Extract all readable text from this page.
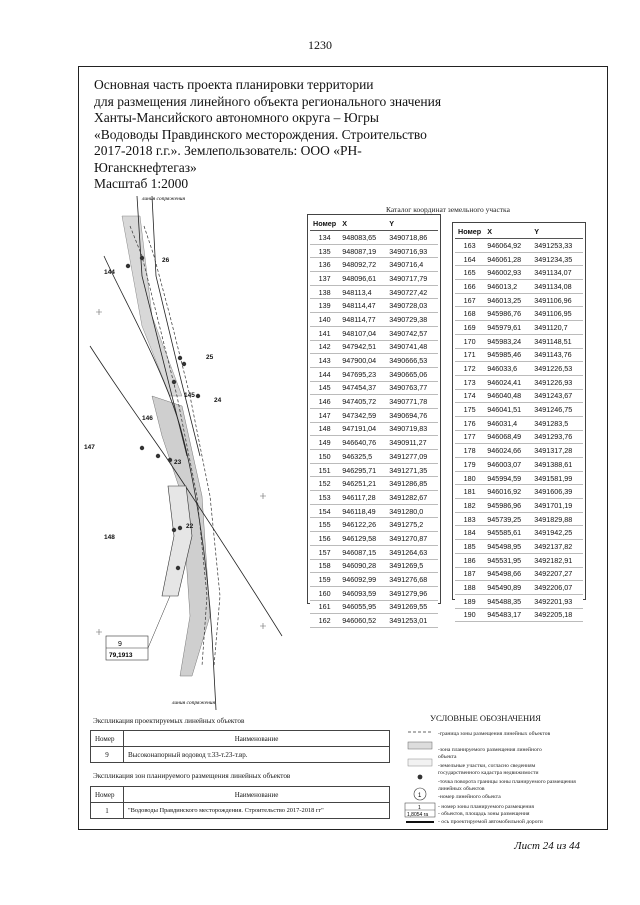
1230
Основная часть проекта планировки территории
для размещения линейного объекта регионального значения
Ханты-Мансийского автономного округа – Югры
«Водоводы Правдинского месторождения. Строительство
2017-2018 г.г.». Землепользователь: ООО «РН-
Юганскнефтегаз»
Масштаб 1:2000
9
79,1913
26
144
25
145
146
24
147
23
22
148
линия сопряжения
линия сопряжения
Каталог координат земельного участка
Номер	X	Y
134	948083,65	3490718,86
135	948087,19	3490716,93
136	948092,72	3490716,4
137	948096,61	3490717,79
138	948113,4	3490727,42
139	948114,47	3490728,03
140	948114,77	3490729,38
141	948107,04	3490742,57
142	947942,51	3490741,48
143	947900,04	3490666,53
144	947695,23	3490665,06
145	947454,37	3490763,77
146	947405,72	3490771,78
147	947342,59	3490694,76
148	947191,04	3490719,83
149	946640,76	3490911,27
150	946325,5	3491277,09
151	946295,71	3491271,35
152	946251,21	3491286,85
153	946117,28	3491282,67
154	946118,49	3491280,0
155	946122,26	3491275,2
156	946129,58	3491270,87
157	946087,15	3491264,63
158	946090,28	3491269,5
159	946092,99	3491276,68
160	946093,59	3491279,96
161	946055,95	3491269,55
162	946060,52	3491253,01
Номер	X	Y
163	946064,92	3491253,33
164	946061,28	3491234,35
165	946002,93	3491134,07
166	946013,2	3491134,08
167	946013,25	3491106,96
168	945986,76	3491106,95
169	945979,61	3491120,7
170	945983,24	3491148,51
171	945985,46	3491143,76
172	946033,6	3491226,53
173	946024,41	3491226,93
174	946040,48	3491243,67
175	946041,51	3491246,75
176	946031,4	3491283,5
177	946068,49	3491293,76
178	946024,66	3491317,28
179	946003,07	3491388,61
180	945994,59	3491581,99
181	946016,92	3491606,39
182	945986,96	3491701,19
183	945739,25	3491829,88
184	945585,61	3491942,25
185	945498,95	3492137,82
186	945531,95	3492182,91
187	945498,66	3492207,27
188	945490,89	3492206,07
189	945488,35	3492201,93
190	945483,17	3492205,18
УСЛОВНЫЕ ОБОЗНАЧЕНИЯ
1
1
1,8054 га
-граница зоны размещения линейных объектов
-зона планируемого размещения линейного объекта
-земельные участки, согласно сведениям государственного кадастра недвижимости
-точка поворота границы зоны планируемого размещения линейных объектов
-номер линейного объекта
- номер зоны планируемого размещения
- объектов, площадь зоны размещения
- ось проектируемой автомобильной дороги
Экспликация проектируемых линейных объектов
Номер	Наименование
9	Высоконапорный водовод т.33-т.23-т.вр.
Экспликация зон планируемого размещения линейных объектов
Номер	Наименование
1	"Водоводы Правдинского месторождения. Строительство 2017-2018 гг"
Лист 24 из 44
